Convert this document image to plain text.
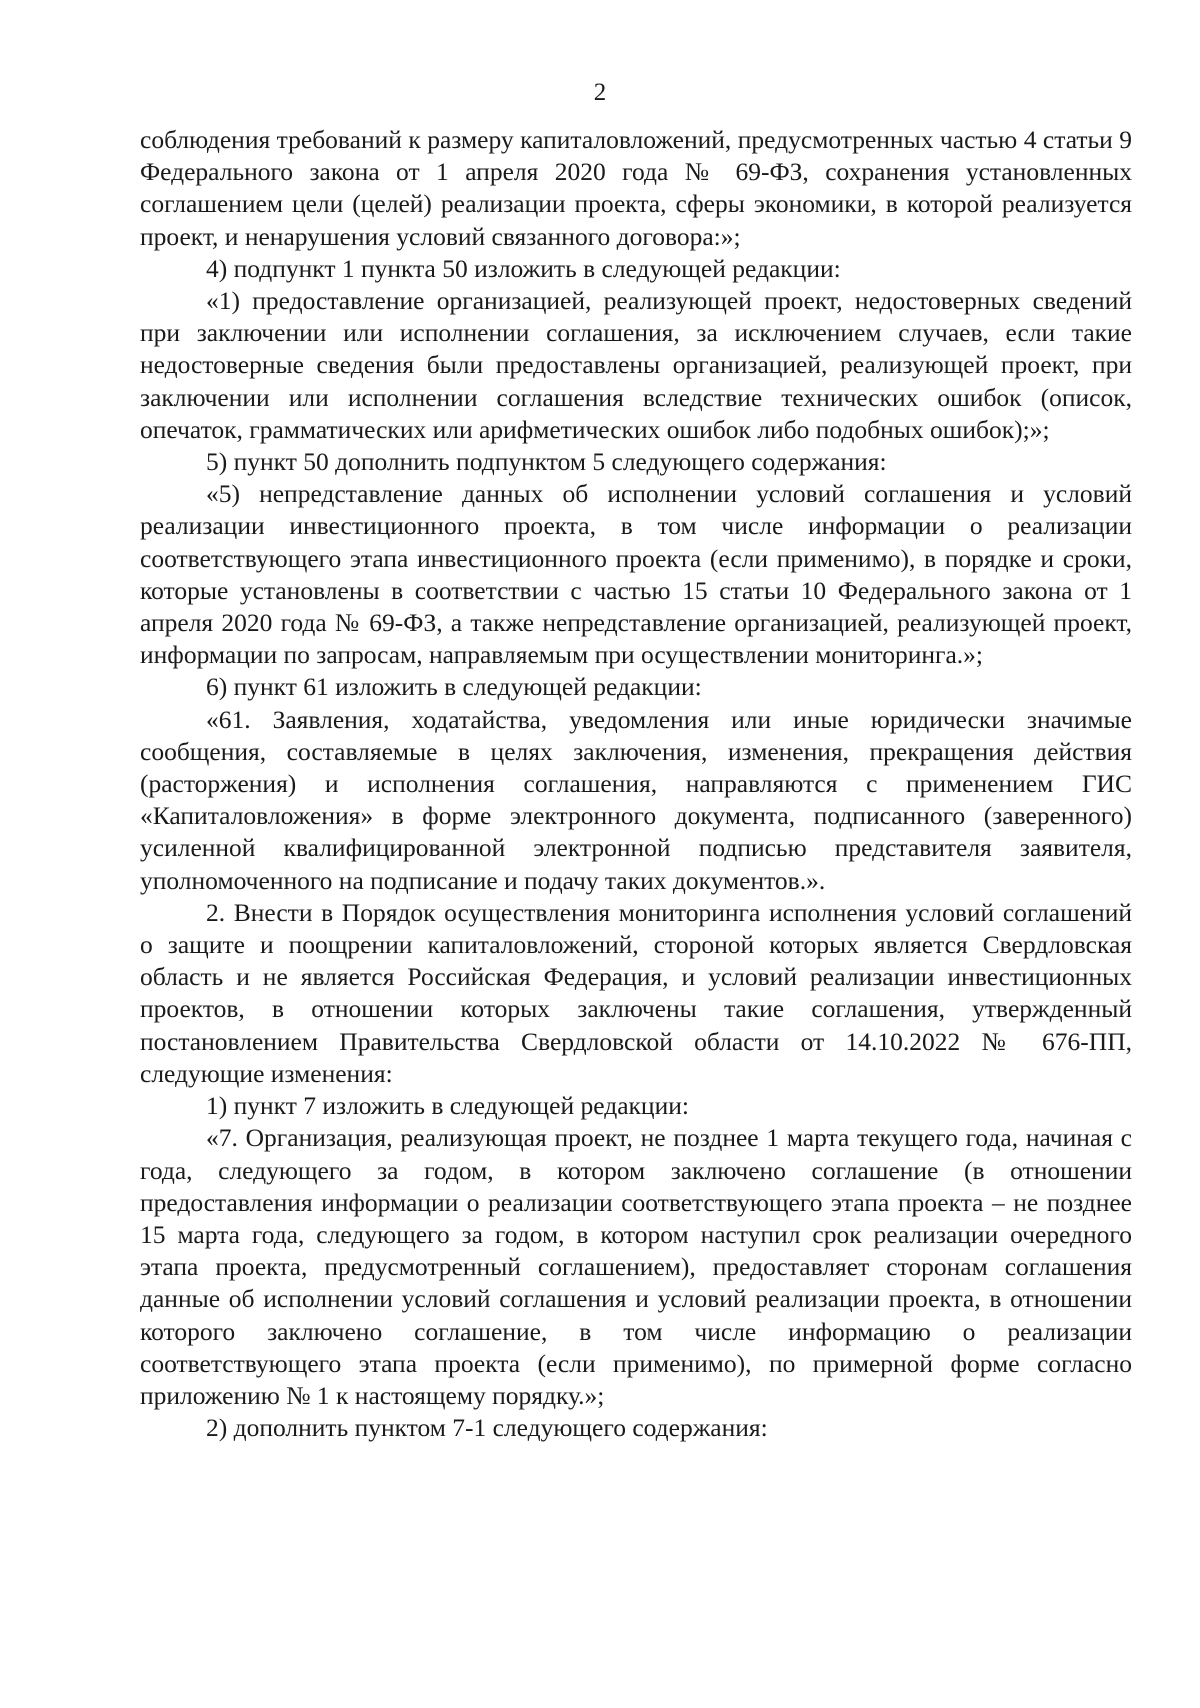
2

соблюдения требований к размеру капиталовложений, предусмотренных частью 4 статьи 9 Федерального закона от 1 апреля 2020 года № 69-ФЗ, сохранения установленных соглашением цели (целей) реализации проекта, сферы экономики, в которой реализуется проект, и ненарушения условий связанного договора:»;

4) подпункт 1 пункта 50 изложить в следующей редакции:

«1) предоставление организацией, реализующей проект, недостоверных сведений при заключении или исполнении соглашения, за исключением случаев, если такие недостоверные сведения были предоставлены организацией, реализующей проект, при заключении или исполнении соглашения вследствие технических ошибок (описок, опечаток, грамматических или арифметических ошибок либо подобных ошибок);»;

5) пункт 50 дополнить подпунктом 5 следующего содержания:

«5) непредставление данных об исполнении условий соглашения и условий реализации инвестиционного проекта, в том числе информации о реализации соответствующего этапа инвестиционного проекта (если применимо), в порядке и сроки, которые установлены в соответствии с частью 15 статьи 10 Федерального закона от 1 апреля 2020 года № 69-ФЗ, а также непредставление организацией, реализующей проект, информации по запросам, направляемым при осуществлении мониторинга.»;

6) пункт 61 изложить в следующей редакции:

«61. Заявления, ходатайства, уведомления или иные юридически значимые сообщения, составляемые в целях заключения, изменения, прекращения действия (расторжения) и исполнения соглашения, направляются с применением ГИС «Капиталовложения» в форме электронного документа, подписанного (заверенного) усиленной квалифицированной электронной подписью представителя заявителя, уполномоченного на подписание и подачу таких документов.».

2. Внести в Порядок осуществления мониторинга исполнения условий соглашений о защите и поощрении капиталовложений, стороной которых является Свердловская область и не является Российская Федерация, и условий реализации инвестиционных проектов, в отношении которых заключены такие соглашения, утвержденный постановлением Правительства Свердловской области от 14.10.2022 № 676-ПП, следующие изменения:

1) пункт 7 изложить в следующей редакции:

«7. Организация, реализующая проект, не позднее 1 марта текущего года, начиная с года, следующего за годом, в котором заключено соглашение (в отношении предоставления информации о реализации соответствующего этапа проекта – не позднее 15 марта года, следующего за годом, в котором наступил срок реализации очередного этапа проекта, предусмотренный соглашением), предоставляет сторонам соглашения данные об исполнении условий соглашения и условий реализации проекта, в отношении которого заключено соглашение, в том числе информацию о реализации соответствующего этапа проекта (если применимо), по примерной форме согласно приложению № 1 к настоящему порядку.»;

2) дополнить пунктом 7-1 следующего содержания:
